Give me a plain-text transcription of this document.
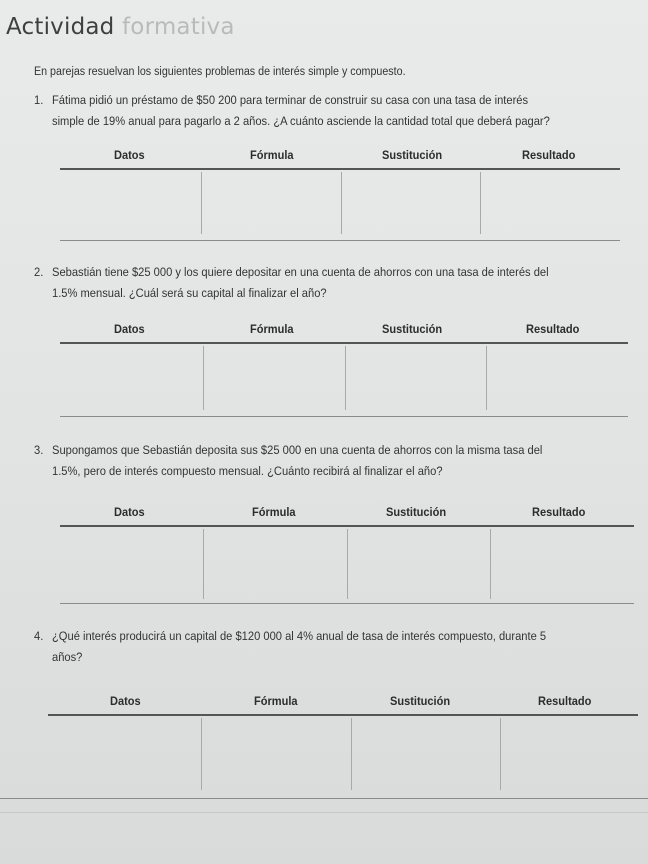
Actividad formativa
En parejas resuelvan los siguientes problemas de interés simple y compuesto.
1. Fátima pidió un préstamo de $50 200 para terminar de construir su casa con una tasa de interés
simple de 19% anual para pagarlo a 2 años. ¿A cuánto asciende la cantidad total que deberá pagar?
Datos	Fórmula	Sustitución	Resultado
2. Sebastián tiene $25 000 y los quiere depositar en una cuenta de ahorros con una tasa de interés del
1.5% mensual. ¿Cuál será su capital al finalizar el año?
Datos	Fórmula	Sustitución	Resultado
3. Supongamos que Sebastián deposita sus $25 000 en una cuenta de ahorros con la misma tasa del
1.5%, pero de interés compuesto mensual. ¿Cuánto recibirá al finalizar el año?
Datos	Fórmula	Sustitución	Resultado
4. ¿Qué interés producirá un capital de $120 000 al 4% anual de tasa de interés compuesto, durante 5
años?
Datos	Fórmula	Sustitución	Resultado
